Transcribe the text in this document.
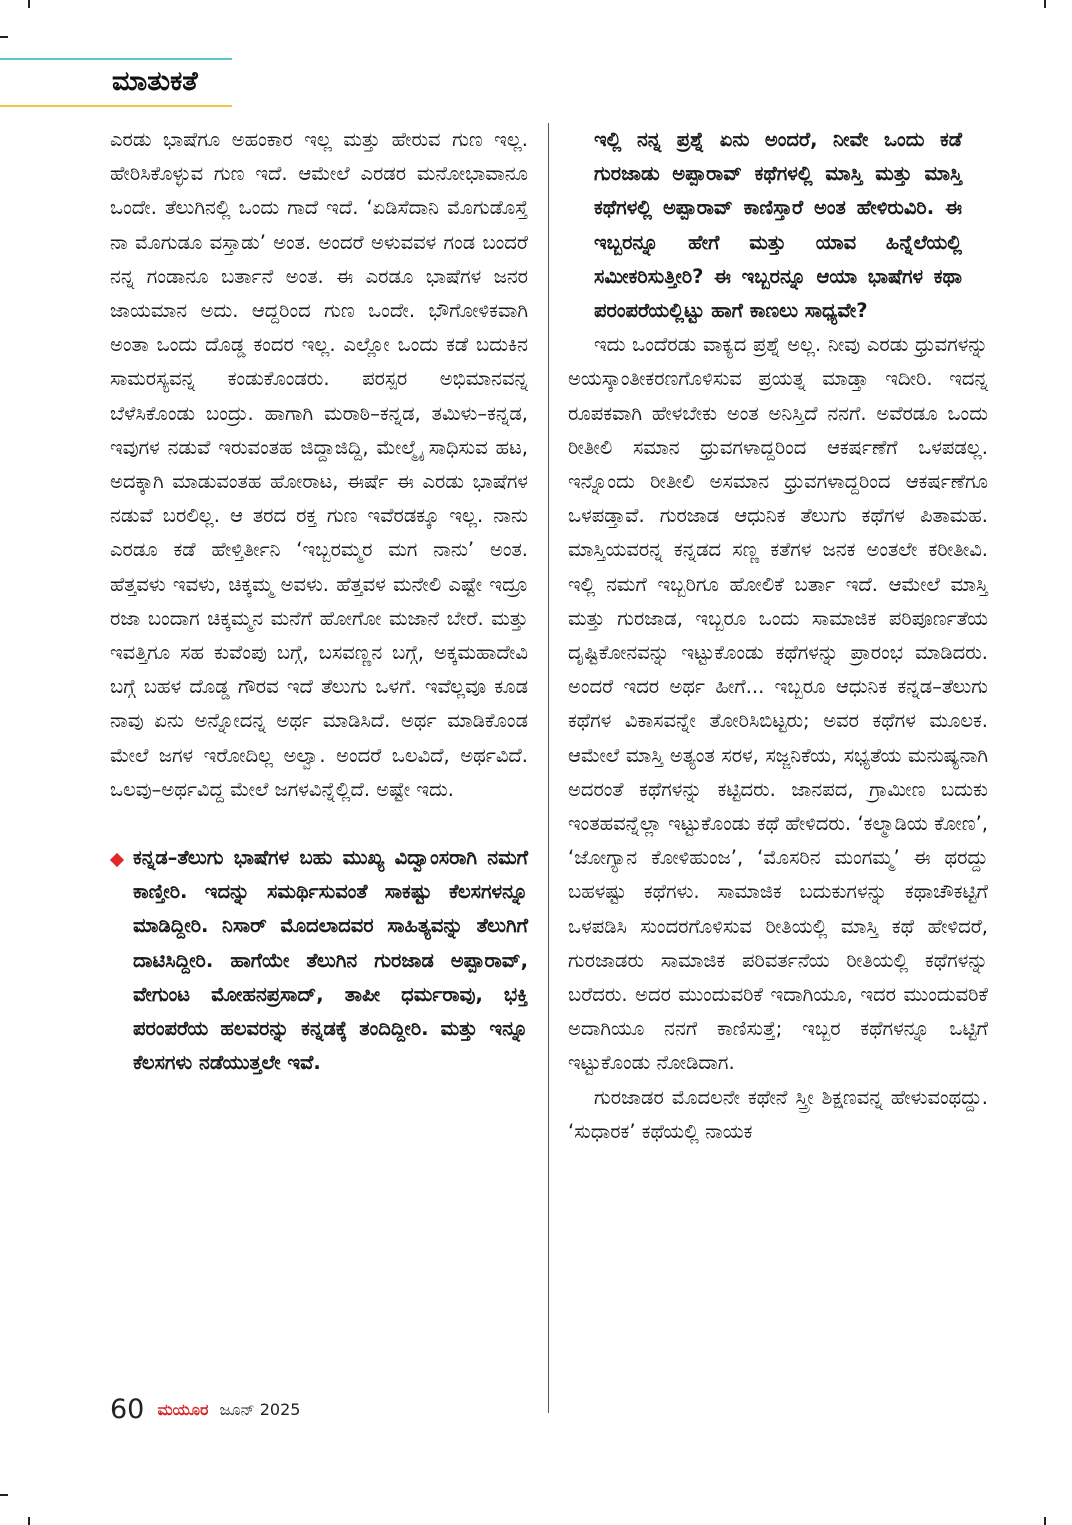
ಮಾತುಕತೆ

ಎರಡು ಭಾಷೆಗೂ ಅಹಂಕಾರ ಇಲ್ಲ ಮತ್ತು ಹೇರುವ ಗುಣ ಇಲ್ಲ. ಹೇರಿಸಿಕೊಳ್ಳುವ ಗುಣ ಇದೆ. ಆಮೇಲೆ ಎರಡರ ಮನೋಭಾವಾನೂ ಒಂದೇ. ತೆಲುಗಿನಲ್ಲಿ ಒಂದು ಗಾದೆ ಇದೆ. ‘ಏಡಿಸೆದಾನಿ ಮೊಗುಡೊಸ್ತೆ ನಾ ಮೊಗುಡೂ ವಸ್ತಾಡು’ ಅಂತ. ಅಂದರೆ ಅಳುವವಳ ಗಂಡ ಬಂದರೆ ನನ್ನ ಗಂಡಾನೂ ಬರ್ತಾನೆ ಅಂತ. ಈ ಎರಡೂ ಭಾಷೆಗಳ ಜನರ ಜಾಯಮಾನ ಅದು. ಆದ್ದರಿಂದ ಗುಣ ಒಂದೇ. ಭೌಗೋಳಿಕವಾಗಿ ಅಂತಾ ಒಂದು ದೊಡ್ಡ ಕಂದರ ಇಲ್ಲ. ಎಲ್ಲೋ ಒಂದು ಕಡೆ ಬದುಕಿನ ಸಾಮರಸ್ಯವನ್ನ ಕಂಡುಕೊಂಡರು. ಪರಸ್ಪರ ಅಭಿಮಾನವನ್ನ ಬೆಳೆಸಿಕೊಂಡು ಬಂದ್ರು. ಹಾಗಾಗಿ ಮರಾಠಿ–ಕನ್ನಡ, ತಮಿಳು–ಕನ್ನಡ, ಇವುಗಳ ನಡುವೆ ಇರುವಂತಹ ಜಿದ್ದಾಜಿದ್ದಿ, ಮೇಲ್ಮೈ ಸಾಧಿಸುವ ಹಟ, ಅದಕ್ಕಾಗಿ ಮಾಡುವಂತಹ ಹೋರಾಟ, ಈರ್ಷೆ ಈ ಎರಡು ಭಾಷೆಗಳ ನಡುವೆ ಬರಲಿಲ್ಲ. ಆ ತರದ ರಕ್ತ ಗುಣ ಇವೆರಡಕ್ಕೂ ಇಲ್ಲ. ನಾನು ಎರಡೂ ಕಡೆ ಹೇಳ್ತಿರ್ತೀನಿ ‘ಇಬ್ಬರಮ್ಮರ ಮಗ ನಾನು’ ಅಂತ. ಹೆತ್ತವಳು ಇವಳು, ಚಿಕ್ಕಮ್ಮ ಅವಳು. ಹೆತ್ತವಳ ಮನೇಲಿ ಎಷ್ಟೇ ಇದ್ರೂ ರಜಾ ಬಂದಾಗ ಚಿಕ್ಕಮ್ಮನ ಮನೆಗೆ ಹೋಗೋ ಮಜಾನೆ ಬೇರೆ. ಮತ್ತು ಇವತ್ತಿಗೂ ಸಹ ಕುವೆಂಪು ಬಗ್ಗೆ, ಬಸವಣ್ಣನ ಬಗ್ಗೆ, ಅಕ್ಕಮಹಾದೇವಿ ಬಗ್ಗೆ ಬಹಳ ದೊಡ್ಡ ಗೌರವ ಇದೆ ತೆಲುಗು ಒಳಗೆ. ಇವೆಲ್ಲವೂ ಕೂಡ ನಾವು ಏನು ಅನ್ನೋದನ್ನ ಅರ್ಥ ಮಾಡಿಸಿದೆ. ಅರ್ಥ ಮಾಡಿಕೊಂಡ ಮೇಲೆ ಜಗಳ ಇರೋದಿಲ್ಲ ಅಲ್ವಾ. ಅಂದರೆ ಒಲವಿದೆ, ಅರ್ಥವಿದೆ. ಒಲವು–ಅರ್ಥವಿದ್ದ ಮೇಲೆ ಜಗಳವಿನ್ನೆಲ್ಲಿದೆ. ಅಷ್ಟೇ ಇದು.

ಕನ್ನಡ–ತೆಲುಗು ಭಾಷೆಗಳ ಬಹು ಮುಖ್ಯ ವಿದ್ವಾಂಸರಾಗಿ ನಮಗೆ ಕಾಣ್ತೀರಿ. ಇದನ್ನು ಸಮರ್ಥಿಸುವಂತೆ ಸಾಕಷ್ಟು ಕೆಲಸಗಳನ್ನೂ ಮಾಡಿದ್ದೀರಿ. ನಿಸಾರ್ ಮೊದಲಾದವರ ಸಾಹಿತ್ಯವನ್ನು ತೆಲುಗಿಗೆ ದಾಟಿಸಿದ್ದೀರಿ. ಹಾಗೆಯೇ ತೆಲುಗಿನ ಗುರಜಾಡ ಅಪ್ಪಾರಾವ್, ವೇಗುಂಟ ಮೋಹನಪ್ರಸಾದ್, ತಾಪೀ ಧರ್ಮರಾವು, ಭಕ್ತಿ ಪರಂಪರೆಯ ಹಲವರನ್ನು ಕನ್ನಡಕ್ಕೆ ತಂದಿದ್ದೀರಿ. ಮತ್ತು ಇನ್ನೂ ಕೆಲಸಗಳು ನಡೆಯುತ್ತಲೇ ಇವೆ.

ಇಲ್ಲಿ ನನ್ನ ಪ್ರಶ್ನೆ ಏನು ಅಂದರೆ, ನೀವೇ ಒಂದು ಕಡೆ ಗುರಜಾಡು ಅಪ್ಪಾರಾವ್ ಕಥೆಗಳಲ್ಲಿ ಮಾಸ್ತಿ ಮತ್ತು ಮಾಸ್ತಿ ಕಥೆಗಳಲ್ಲಿ ಅಪ್ಪಾರಾವ್ ಕಾಣಿಸ್ತಾರೆ ಅಂತ ಹೇಳಿರುವಿರಿ. ಈ ಇಬ್ಬರನ್ನೂ ಹೇಗೆ ಮತ್ತು ಯಾವ ಹಿನ್ನೆಲೆಯಲ್ಲಿ ಸಮೀಕರಿಸುತ್ತೀರಿ? ಈ ಇಬ್ಬರನ್ನೂ ಆಯಾ ಭಾಷೆಗಳ ಕಥಾ ಪರಂಪರೆಯಲ್ಲಿಟ್ಟು ಹಾಗೆ ಕಾಣಲು ಸಾಧ್ಯವೇ?

ಇದು ಒಂದೆರಡು ವಾಕ್ಯದ ಪ್ರಶ್ನೆ ಅಲ್ಲ. ನೀವು ಎರಡು ಧ್ರುವಗಳನ್ನು ಅಯಸ್ಕಾಂತೀಕರಣಗೊಳಿಸುವ ಪ್ರಯತ್ನ ಮಾಡ್ತಾ ಇದೀರಿ. ಇದನ್ನ ರೂಪಕವಾಗಿ ಹೇಳಬೇಕು ಅಂತ ಅನಿಸ್ತಿದೆ ನನಗೆ. ಅವೆರಡೂ ಒಂದು ರೀತೀಲಿ ಸಮಾನ ಧ್ರುವಗಳಾದ್ದರಿಂದ ಆಕರ್ಷಣೆಗೆ ಒಳಪಡಲ್ಲ. ಇನ್ನೊಂದು ರೀತೀಲಿ ಅಸಮಾನ ಧ್ರುವಗಳಾದ್ದರಿಂದ ಆಕರ್ಷಣೆಗೂ ಒಳಪಡ್ತಾವೆ. ಗುರಜಾಡ ಆಧುನಿಕ ತೆಲುಗು ಕಥೆಗಳ ಪಿತಾಮಹ. ಮಾಸ್ತಿಯವರನ್ನ ಕನ್ನಡದ ಸಣ್ಣ ಕತೆಗಳ ಜನಕ ಅಂತಲೇ ಕರೀತೀವಿ. ಇಲ್ಲಿ ನಮಗೆ ಇಬ್ಬರಿಗೂ ಹೋಲಿಕೆ ಬರ್ತಾ ಇದೆ. ಆಮೇಲೆ ಮಾಸ್ತಿ ಮತ್ತು ಗುರಜಾಡ, ಇಬ್ಬರೂ ಒಂದು ಸಾಮಾಜಿಕ ಪರಿಪೂರ್ಣತೆಯ ದೃಷ್ಟಿಕೋನವನ್ನು ಇಟ್ಟುಕೊಂಡು ಕಥೆಗಳನ್ನು ಪ್ರಾರಂಭ ಮಾಡಿದರು. ಅಂದರೆ ಇದರ ಅರ್ಥ ಹೀಗೆ... ಇಬ್ಬರೂ ಆಧುನಿಕ ಕನ್ನಡ–ತೆಲುಗು ಕಥೆಗಳ ವಿಕಾಸವನ್ನೇ ತೋರಿಸಿಬಿಟ್ಟರು; ಅವರ ಕಥೆಗಳ ಮೂಲಕ. ಆಮೇಲೆ ಮಾಸ್ತಿ ಅತ್ಯಂತ ಸರಳ, ಸಜ್ಜನಿಕೆಯ, ಸಭ್ಯತೆಯ ಮನುಷ್ಯನಾಗಿ ಅದರಂತೆ ಕಥೆಗಳನ್ನು ಕಟ್ಟಿದರು. ಜಾನಪದ, ಗ್ರಾಮೀಣ ಬದುಕು ಇಂತಹವನ್ನೆಲ್ಲಾ ಇಟ್ಟುಕೊಂಡು ಕಥೆ ಹೇಳಿದರು. ‘ಕಲ್ಮಾಡಿಯ ಕೋಣ’, ‘ಜೋಗ್ಯಾನ ಕೋಳಿಹುಂಜ’, ‘ಮೊಸರಿನ ಮಂಗಮ್ಮ’ ಈ ಥರದ್ದು ಬಹಳಷ್ಟು ಕಥೆಗಳು. ಸಾಮಾಜಿಕ ಬದುಕುಗಳನ್ನು ಕಥಾಚೌಕಟ್ಟಿಗೆ ಒಳಪಡಿಸಿ ಸುಂದರಗೊಳಿಸುವ ರೀತಿಯಲ್ಲಿ ಮಾಸ್ತಿ ಕಥೆ ಹೇಳಿದರೆ, ಗುರಜಾಡರು ಸಾಮಾಜಿಕ ಪರಿವರ್ತನೆಯ ರೀತಿಯಲ್ಲಿ ಕಥೆಗಳನ್ನು ಬರೆದರು. ಅದರ ಮುಂದುವರಿಕೆ ಇದಾಗಿಯೂ, ಇದರ ಮುಂದುವರಿಕೆ ಅದಾಗಿಯೂ ನನಗೆ ಕಾಣಿಸುತ್ತೆ; ಇಬ್ಬರ ಕಥೆಗಳನ್ನೂ ಒಟ್ಟಿಗೆ ಇಟ್ಟುಕೊಂಡು ನೋಡಿದಾಗ.

ಗುರಜಾಡರ ಮೊದಲನೇ ಕಥೇನೆ ಸ್ತ್ರೀ ಶಿಕ್ಷಣವನ್ನ ಹೇಳುವಂಥದ್ದು. ‘ಸುಧಾರಕ’ ಕಥೆಯಲ್ಲಿ ನಾಯಕ

60 ಮಯೂರ ಜೂನ್ 2025
